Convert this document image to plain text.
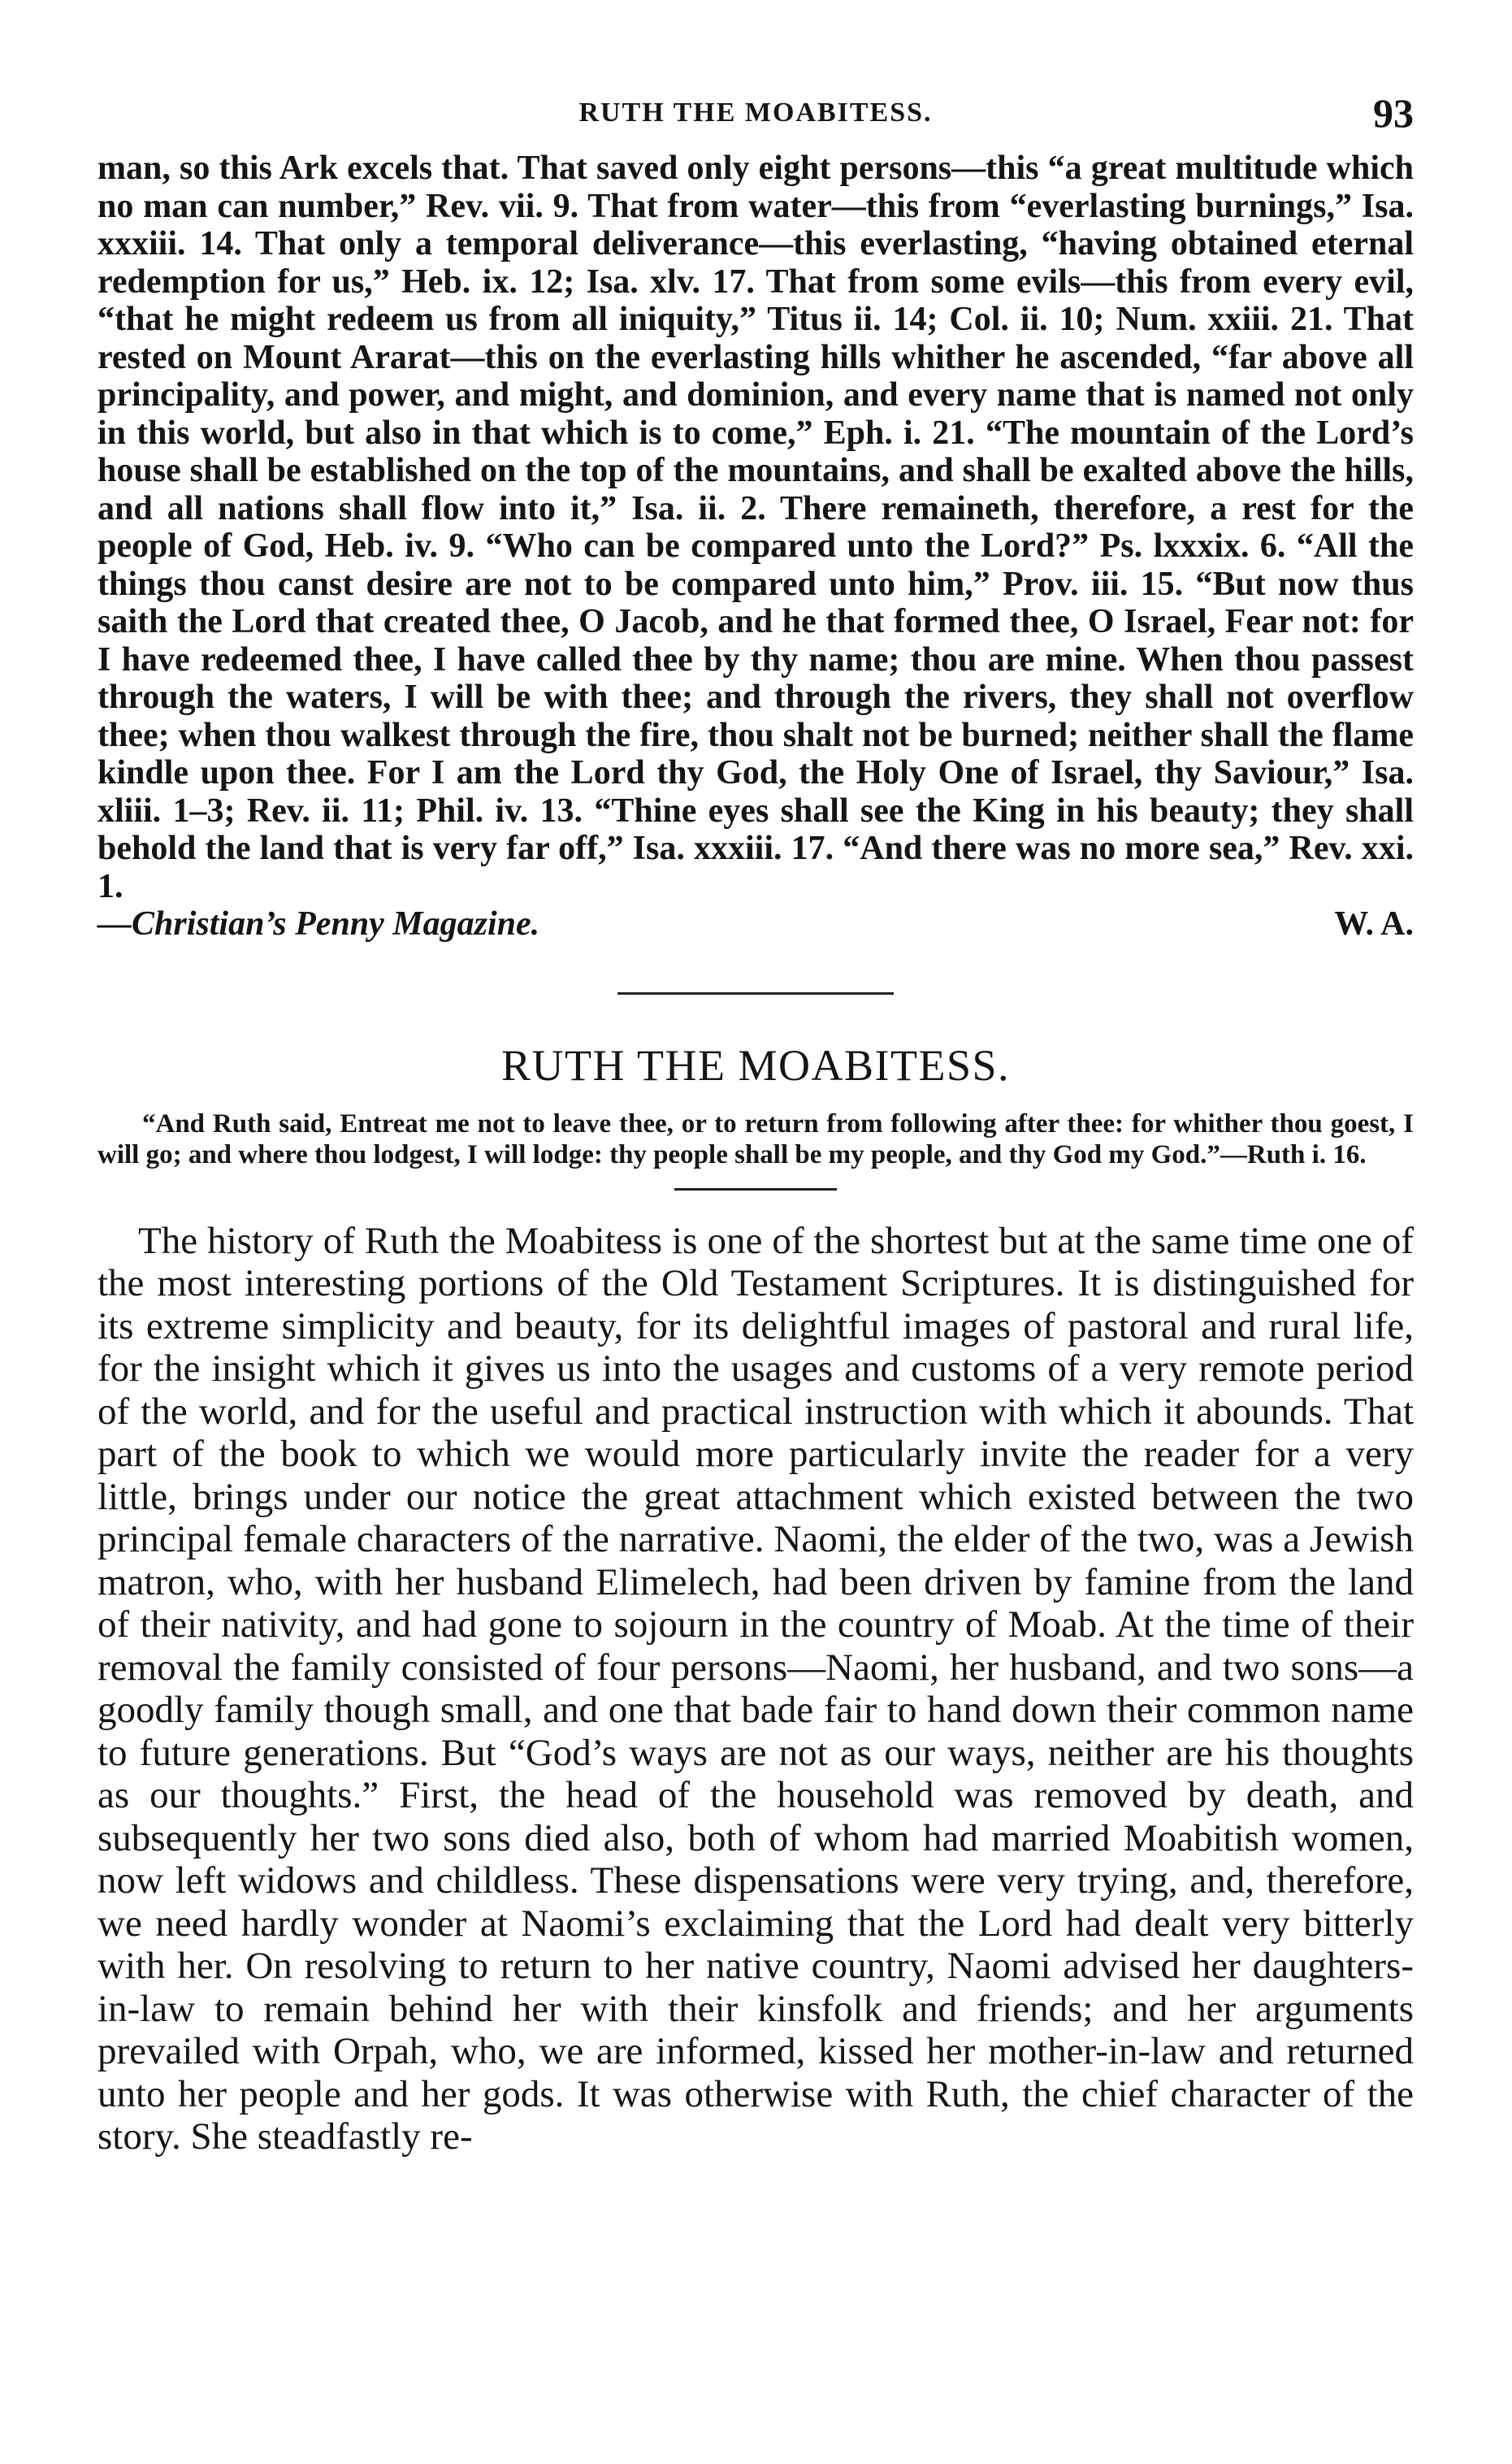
RUTH THE MOABITESS.	93

man, so this Ark excels that. That saved only eight persons—this “a great multitude which no man can number,” Rev. vii. 9. That from water—this from “everlasting burnings,” Isa. xxxiii. 14. That only a temporal deliverance—this everlasting, “having obtained eternal redemption for us,” Heb. ix. 12; Isa. xlv. 17. That from some evils—this from every evil, “that he might redeem us from all iniquity,” Titus ii. 14; Col. ii. 10; Num. xxiii. 21. That rested on Mount Ararat—this on the everlasting hills whither he ascended, “far above all principality, and power, and might, and dominion, and every name that is named not only in this world, but also in that which is to come,” Eph. i. 21. “The mountain of the Lord’s house shall be established on the top of the mountains, and shall be exalted above the hills, and all nations shall flow into it,” Isa. ii. 2. There remaineth, therefore, a rest for the people of God, Heb. iv. 9. “Who can be compared unto the Lord?” Ps. lxxxix. 6. “All the things thou canst desire are not to be compared unto him,” Prov. iii. 15. “But now thus saith the Lord that created thee, O Jacob, and he that formed thee, O Israel, Fear not: for I have redeemed thee, I have called thee by thy name; thou are mine. When thou passest through the waters, I will be with thee; and through the rivers, they shall not overflow thee; when thou walkest through the fire, thou shalt not be burned; neither shall the flame kindle upon thee. For I am the Lord thy God, the Holy One of Israel, thy Saviour,” Isa. xliii. 1–3; Rev. ii. 11; Phil. iv. 13. “Thine eyes shall see the King in his beauty; they shall behold the land that is very far off,” Isa. xxxiii. 17. “And there was no more sea,” Rev. xxi. 1.

—Christian’s Penny Magazine.	W. A.
RUTH THE MOABITESS.
“And Ruth said, Entreat me not to leave thee, or to return from following after thee: for whither thou goest, I will go; and where thou lodgest, I will lodge: thy people shall be my people, and thy God my God.”—Ruth i. 16.

The history of Ruth the Moabitess is one of the shortest but at the same time one of the most interesting portions of the Old Testament Scriptures. It is distinguished for its extreme simplicity and beauty, for its delightful images of pastoral and rural life, for the insight which it gives us into the usages and customs of a very remote period of the world, and for the useful and practical instruction with which it abounds. That part of the book to which we would more particularly invite the reader for a very little, brings under our notice the great attachment which existed between the two principal female characters of the narrative. Naomi, the elder of the two, was a Jewish matron, who, with her husband Elimelech, had been driven by famine from the land of their nativity, and had gone to sojourn in the country of Moab. At the time of their removal the family consisted of four persons—Naomi, her husband, and two sons—a goodly family though small, and one that bade fair to hand down their common name to future generations. But “God’s ways are not as our ways, neither are his thoughts as our thoughts.” First, the head of the household was removed by death, and subsequently her two sons died also, both of whom had married Moabitish women, now left widows and childless. These dispensations were very trying, and, therefore, we need hardly wonder at Naomi’s exclaiming that the Lord had dealt very bitterly with her. On resolving to return to her native country, Naomi advised her daughters-in-law to remain behind her with their kinsfolk and friends; and her arguments prevailed with Orpah, who, we are informed, kissed her mother-in-law and returned unto her people and her gods. It was otherwise with Ruth, the chief character of the story. She steadfastly re-
